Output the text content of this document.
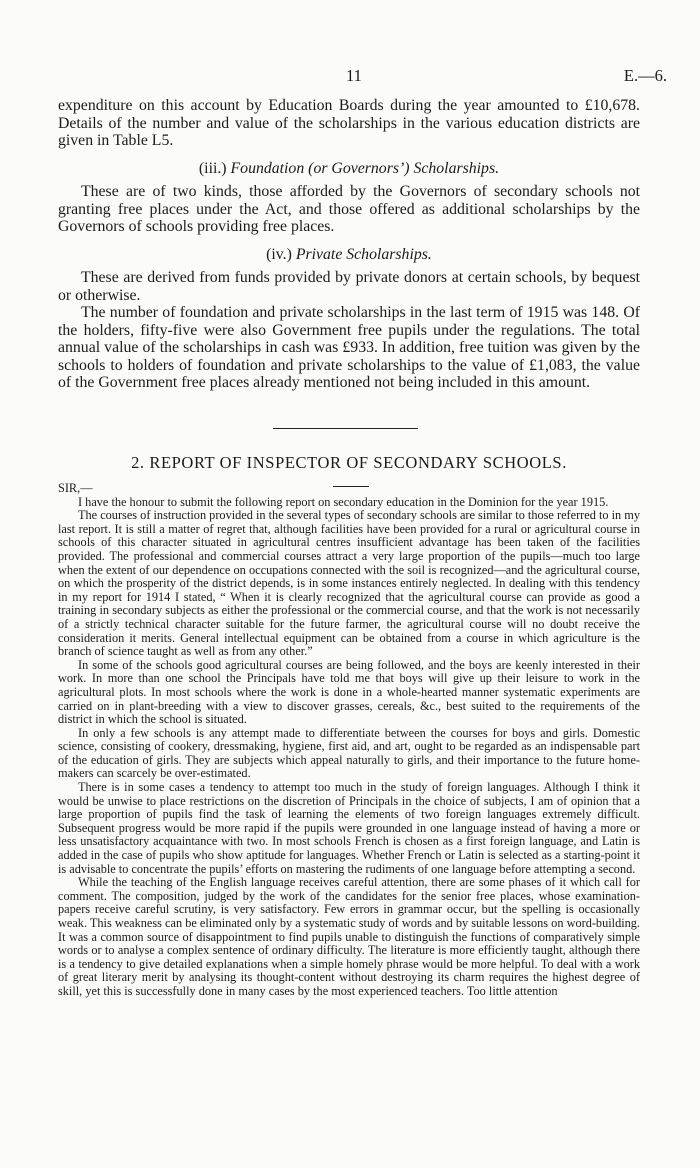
11	E.—6.

expenditure on this account by Education Boards during the year amounted to £10,678. Details of the number and value of the scholarships in the various education districts are given in Table L5.

(iii.) Foundation (or Governors’) Scholarships.

These are of two kinds, those afforded by the Governors of secondary schools not granting free places under the Act, and those offered as additional scholarships by the Governors of schools providing free places.

(iv.) Private Scholarships.

These are derived from funds provided by private donors at certain schools, by bequest or otherwise.

The number of foundation and private scholarships in the last term of 1915 was 148. Of the holders, fifty-five were also Government free pupils under the regulations. The total annual value of the scholarships in cash was £933. In addition, free tuition was given by the schools to holders of foundation and private scholarships to the value of £1,083, the value of the Government free places already mentioned not being included in this amount.

2. REPORT OF INSPECTOR OF SECONDARY SCHOOLS.

SIR,—

I have the honour to submit the following report on secondary education in the Dominion for the year 1915.

The courses of instruction provided in the several types of secondary schools are similar to those referred to in my last report. It is still a matter of regret that, although facilities have been provided for a rural or agricultural course in schools of this character situated in agricultural centres insufficient advantage has been taken of the facilities provided. The professional and commercial courses attract a very large proportion of the pupils—much too large when the extent of our dependence on occupations connected with the soil is recognized—and the agricultural course, on which the prosperity of the district depends, is in some instances entirely neglected. In dealing with this tendency in my report for 1914 I stated, “ When it is clearly recognized that the agricultural course can provide as good a training in secondary subjects as either the professional or the commercial course, and that the work is not necessarily of a strictly technical character suitable for the future farmer, the agricultural course will no doubt receive the consideration it merits. General intellectual equipment can be obtained from a course in which agriculture is the branch of science taught as well as from any other.”

In some of the schools good agricultural courses are being followed, and the boys are keenly interested in their work. In more than one school the Principals have told me that boys will give up their leisure to work in the agricultural plots. In most schools where the work is done in a whole-hearted manner systematic experiments are carried on in plant-breeding with a view to discover grasses, cereals, &c., best suited to the requirements of the district in which the school is situated.

In only a few schools is any attempt made to differentiate between the courses for boys and girls. Domestic science, consisting of cookery, dressmaking, hygiene, first aid, and art, ought to be regarded as an indispensable part of the education of girls. They are subjects which appeal naturally to girls, and their importance to the future home-makers can scarcely be over-estimated.

There is in some cases a tendency to attempt too much in the study of foreign languages. Although I think it would be unwise to place restrictions on the discretion of Principals in the choice of subjects, I am of opinion that a large proportion of pupils find the task of learning the elements of two foreign languages extremely difficult. Subsequent progress would be more rapid if the pupils were grounded in one language instead of having a more or less unsatisfactory acquaintance with two. In most schools French is chosen as a first foreign language, and Latin is added in the case of pupils who show aptitude for languages. Whether French or Latin is selected as a starting-point it is advisable to concentrate the pupils’ efforts on mastering the rudiments of one language before attempting a second.

While the teaching of the English language receives careful attention, there are some phases of it which call for comment. The composition, judged by the work of the candidates for the senior free places, whose examination-papers receive careful scrutiny, is very satisfactory. Few errors in grammar occur, but the spelling is occasionally weak. This weakness can be eliminated only by a systematic study of words and by suitable lessons on word-building. It was a common source of disappointment to find pupils unable to distinguish the functions of comparatively simple words or to analyse a complex sentence of ordinary difficulty. The literature is more efficiently taught, although there is a tendency to give detailed explanations when a simple homely phrase would be more helpful. To deal with a work of great literary merit by analysing its thought-content without destroying its charm requires the highest degree of skill, yet this is successfully done in many cases by the most experienced teachers. Too little attention
